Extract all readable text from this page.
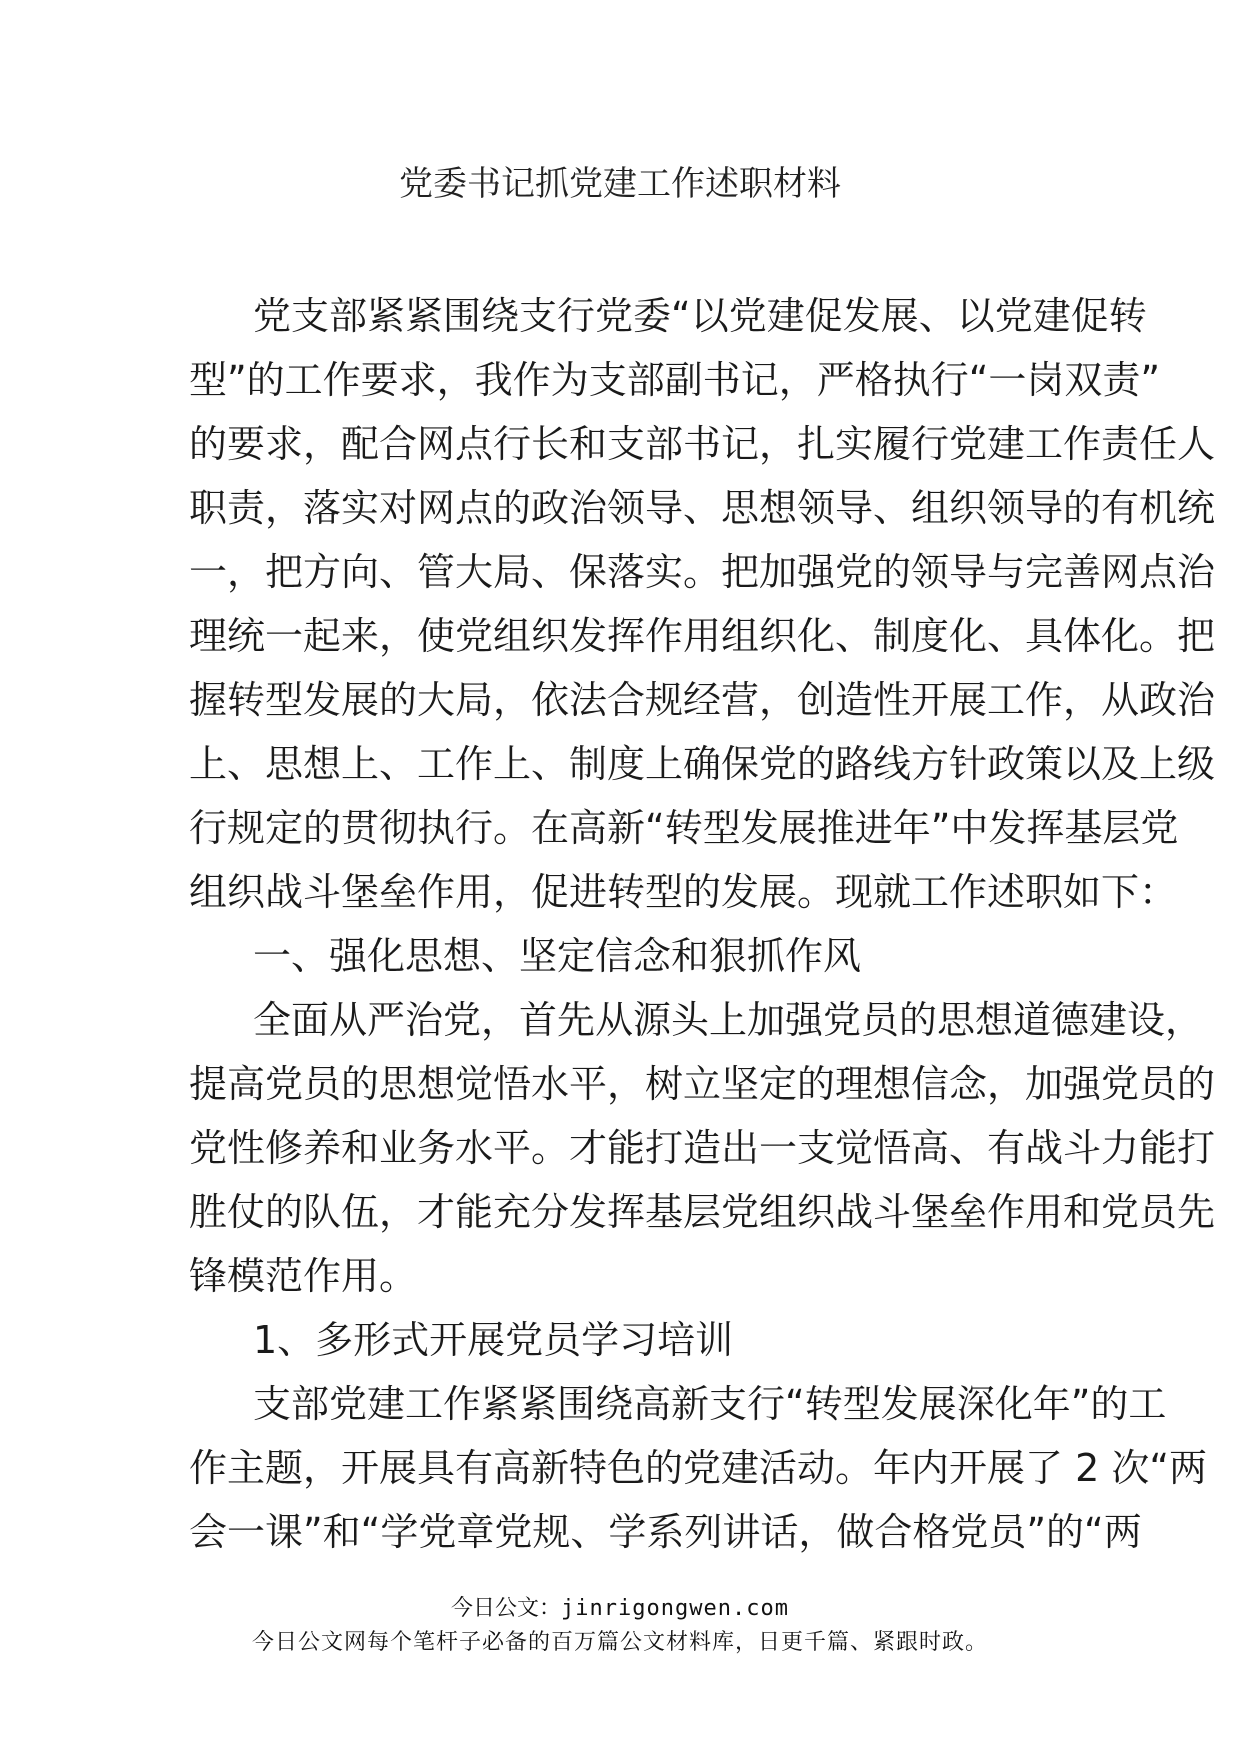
党委书记抓党建工作述职材料
党支部紧紧围绕支行党委“以党建促发展、以党建促转
型”的工作要求，我作为支部副书记，严格执行“一岗双责”
的要求，配合网点行长和支部书记，扎实履行党建工作责任人
职责，落实对网点的政治领导、思想领导、组织领导的有机统
一，把方向、管大局、保落实。把加强党的领导与完善网点治
理统一起来，使党组织发挥作用组织化、制度化、具体化。把
握转型发展的大局，依法合规经营，创造性开展工作，从政治
上、思想上、工作上、制度上确保党的路线方针政策以及上级
行规定的贯彻执行。在高新“转型发展推进年”中发挥基层党
组织战斗堡垒作用，促进转型的发展。现就工作述职如下：
一、强化思想、坚定信念和狠抓作风
全面从严治党，首先从源头上加强党员的思想道德建设，
提高党员的思想觉悟水平，树立坚定的理想信念，加强党员的
党性修养和业务水平。才能打造出一支觉悟高、有战斗力能打
胜仗的队伍，才能充分发挥基层党组织战斗堡垒作用和党员先
锋模范作用。
1、多形式开展党员学习培训
支部党建工作紧紧围绕高新支行“转型发展深化年”的工
作主题，开展具有高新特色的党建活动。年内开展了 2 次“两
会一课”和“学党章党规、学系列讲话，做合格党员”的“两
今日公文：jinrigongwen.com
今日公文网每个笔杆子必备的百万篇公文材料库，日更千篇、紧跟时政。
